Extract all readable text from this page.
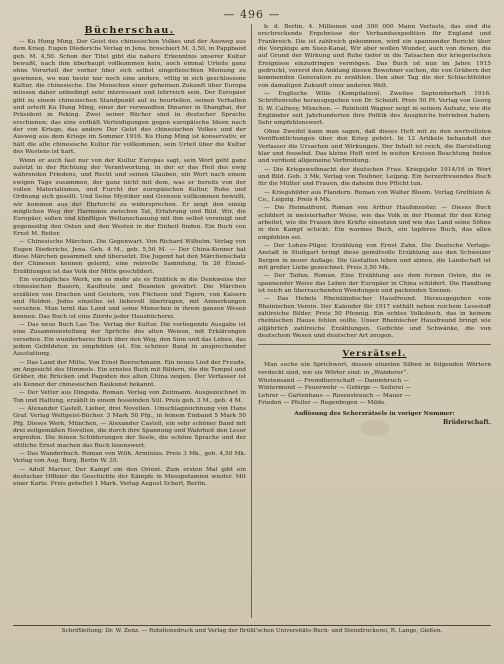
— 496 —
Bücherschau.

— Ku Hung Ming, Der Geist des chinesischen Volkes und der Ausweg aus dem Krieg. Eugen Diederichs Verlag in Jena, broschiert M. 3,50, in Pappband geb. M. 4,50. Schon der Titel gibt die nahere Erkenntnis unserer Kultur bewußt, nach ihm überhaupt vollkommen kein, auch einmal Urteile ganz ohne Vorurteil der vorher über sich selbst eingefleischten Meinung zu gewinnen, wo nun heute nur noch eine andere, völlig in sich geschlossene Kultur, die chinesische. Die Menschen einer geheimen Zukunft über Europa müssen daher unbedingt sehr interessant und lehrreich sein. Der Europäer gibt zu einem chinesischen Standpunkt auf zu beurteilen, seinen Verhalten und urteilt Ku Hung Ming, einer der verwandten Dinarier in Shanghai, der Präsident in Peking. Zwei seiner Bücher sind in deutscher Sprache erschienen; das eine enthält Verteidigungen gegen europäische Ideen nach der von Kriege, das andere Der Geist des chinesischen Volkes und der Ausweg aus dem Kriege im Sommer 1916. Ku Hung Ming ist konservativ, er hält die alte chinesische Kultur für vollkommen, sein Urteil über die Kultur des Westens ist hart.

Wenn er auch fast nur von der Kultur Europas sagt, sein Wort geht ganz zuletzt in der Richtung der Verantwortung, in der er das Heil des ewig währenden Friedens, und Recht und seinen Glauben, ein Wort nach einem ewigen Tage zusammen, der ganz nicht mit dem, was er bereits von der vollen Materialismus, und Furcht der europäischen Kultur, Ruhe und Ordnung sich gesellt. Und Seine Mystiker und Grenzen vollkommen bewußt, wir kommen aus der Ehrfurcht zu widersprechen. Er zeigt den einzig möglichen Weg der Harmonie zwischen Tat, Erfahrung und Bild. Wir, die Europäer, sollen und künftigen Weltanschauung mit ihm selbst vereinigt und gegenseitig den Osten und den Westen in der Einheit finden. Ein Buch von Ernst M. Reiter.

— Chinesische Märchen. Die Gegenwart. Von Richard Wilhelm. Verlag von Eugen Diederichs, Jena. Geh. 4 M., geb. 5,50 M. — Der China-Kenner hat diese Märchen gesammelt und übersetzt. Die Jugend hat den Märchenschatz der Chinesen kennen gelernt, eine reizvolle Sammlung. In 26 Einzel-Erzählungen ist das Volk der Mitte geschildert.

Ein vorzügliches Werk, um so mehr als es Einblick in die Denkweise der chinesischen Bauern, Kaufleute und Beamten gewährt. Die Märchen erzählen von Drachen und Geistern, von Füchsen und Tigern, von Kaisern und Helden. Jedes einzelne ist liebevoll übertragen, mit Anmerkungen versehen. Man lernt das Land und seine Menschen in ihrem ganzen Wesen kennen. Das Buch ist eine Zierde jeder Hausbücherei.

— Das neue Buch Lao Tse. Verlag der Kultur. Die vorliegende Ausgabe ist eine Zusammenstellung der Sprüche des alten Weisen, mit Erklärungen versehen. Ein wunderbares Buch über den Weg, den Sinn und das Leben, das jedem Gebildeten zu empfehlen ist. Ein schöner Band in ansprechender Ausstattung.

— Das Land der Mitte. Von Ernst Boerschmann. Ein neues Lied der Freude, im Angesicht des Himmels. Ein ernstes Buch mit Bildern, die die Tempel und Gräber, die Brücken und Pagoden des alten China zeigen. Der Verfasser ist als Kenner der chinesischen Baukunst bekannt.

— Der Vetter aus Dingsda. Roman. Verlag von Zeitmann. Ausgezeichnet in Ton und Haltung, erzählt in einem fesselnden Stil. Preis geh. 3 M., geb. 4 M.

— Alexander Castell, Lieber, drei Novellen. Umschlagzeichnung von Hans Graf. Verlag Weltgeist-Bücher. 3 Mark 50 Pfg., in feinem Einband 5 Mark 50 Pfg. Dieses Werk, München, — Alexander Castell, ein sehr schöner Band mit drei zeitgemäßen Novellen, die durch ihre Spannung und Wahrheit den Leser ergreifen. Die feinen Schilderungen der Seele, die schöne Sprache und der sittliche Ernst machen das Buch lesenswert.

— Das Wanderbuch. Roman von Wilh. Arminius. Preis 3 Mk., geb. 4,50 Mk. Verlag von Aug. Berg, Berlin W. 35.

— Adolf Marxer, Der Kampf um den Orient. Zum ersten Mal gibt ein deutscher Offizier die Geschichte der Kämpfe in Mesopotamien wieder. Mit einer Karte. Preis geheftet 1 Mark. Verlag August Scherl, Berlin.

b. d. Berlin. 4. Millionen und 300 000 Mann Verluste, das sind die erschreckende Ergebnisse der Verbandsexpedition für England und Frankreich. Die ist zahlreich gekommen, wird ein spannender Bericht über die Vorgänge am Suez-Kanal, Wir aber wollen Wunder, auch von denen, die auf Grund der Wirkung und Ruhe tiefer in die Tatsachen der kriegerischen Ereignisse einzudringen vermögen. Das Buch ist nun im Jahre 1915 gedruckt, vorerst den Anklang diesen Bewohner suchen, die von Gräbern der kommenden Generation zu erzählen. Den aber Tag die der Schlachtfelder von damaligen Zukunft einer anderen Welt.

— Englische Wille (Kompilation). Zweites Septemberheft 1916. Schriftenreihe herausgegeben von Dr. Scheidt. Preis 50 Pf. Verlag von Georg D. W. Callwey, München. — Reinhold Wagner zeigt in seinem Aufsatz, wie die Engländer seit Jahrhunderten ihre Politik des Ausgleichs betrieben haben. Sehr empfehlenswert.

Ohne Zweifel kann man sagen, daß dieses Heft mit zu den wertvollsten Veröffentlichungen über den Krieg gehört. In 12 Artikeln behandelt der Verfasser die Ursachen und Wirkungen. Der Inhalt ist reich, die Darstellung klar und fesselnd. Das kleine Heft wird in weiten Kreisen Beachtung finden und verdient allgemeine Verbreitung.

— Die Kriegsweihnacht der deutschen Frau. Kriegsjahr 1914/16 in Wort und Bild. Geb. 3 Mk. Verlag von Teubner, Leipzig. Ein herzerfreuendes Buch für die Mütter und Frauen, die daheim ihre Pflicht tun.

— Kriegsbilder aus Flandern. Roman von Walter Bloem. Verlag Grethlein & Co., Leipzig. Preis 4 Mk.

— Die Heimatfront. Roman von Arthur Haußmeister. — Dieses Buch schildert in meisterhafter Weise, wie das Volk in der Heimat für den Krieg arbeitet, wie die Frauen ihre Kräfte einsetzen und wie das Land seine Söhne in den Kampf schickt. Ein warmes Buch, ein tapferes Buch, das allen empfohlen sei.

— Der Lohen-Pilger. Erzählung von Ernst Zahn. Die Deutsche Verlags-Anstalt in Stuttgart bringt diese gemütvolle Erzählung aus den Schweizer Bergen in neuer Auflage. Die Gestalten leben und atmen, die Landschaft ist mit großer Liebe gezeichnet. Preis 3,50 Mk.

— Der Taifun. Roman. Eine Erzählung aus dem fernen Osten, die in spannender Weise das Leben der Europäer in China schildert. Die Handlung ist reich an überraschenden Wendungen und packenden Szenen.

— Das Hebels Rheinländischer Hausfreund. Herausgegeben vom Rheinischen Verein. Der Kalender für 1917 enthält neben reichem Lesestoff zahlreiche Bilder. Preis 50 Pfennig. Ein echtes Volksbuch, das in keinem rheinischen Hause fehlen sollte. Unser Rheinischer Hausfreund bringt wie alljährlich zahlreiche Erzählungen, Gedichte und Schwänke, die von deutschem Wesen und deutscher Art zeugen.

Versrätsel.

Man suche ein Sprichwort, dessen einzelne Silben in folgenden Wörtern verdeckt sind, wie sie Wörter sind: in „Wanderer“.

Wüstensand — Fremdherrschaft — Dammbruch —
Wintermond — Feuerwehr — Gebirge — Seilerei —
Lehrer — Gartenhaus — Rosenstrauch — Mauer —
Frieden — Pfeiler — Regenbogen — Milde.

Auflösung des Scherzrätsels in voriger Nummer:

Brüderschaft.
Schriftleitung: Dr. W. Zenz. — Rotationsdruck und Verlag der Brühl'schen Universitäts-Buch- und Steindruckerei, R. Lange, Gießen.
